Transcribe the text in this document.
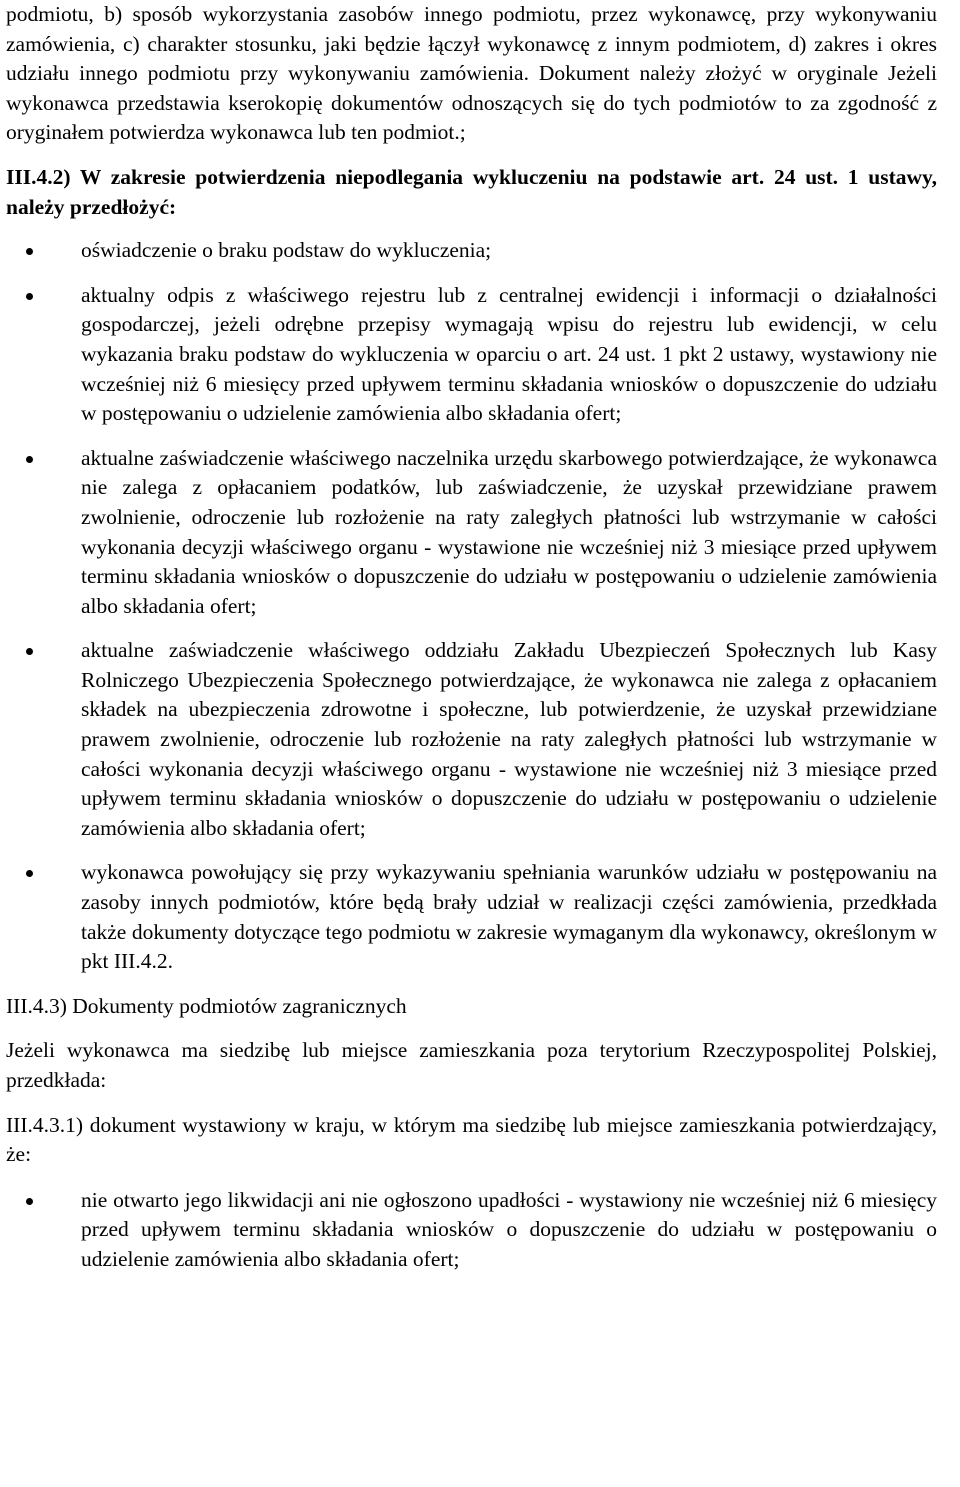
podmiotu, b) sposób wykorzystania zasobów innego podmiotu, przez wykonawcę, przy wykonywaniu zamówienia, c) charakter stosunku, jaki będzie łączył wykonawcę z innym podmiotem, d) zakres i okres udziału innego podmiotu przy wykonywaniu zamówienia. Dokument należy złożyć w oryginale Jeżeli wykonawca przedstawia kserokopię dokumentów odnoszących się do tych podmiotów to za zgodność z oryginałem potwierdza wykonawca lub ten podmiot.;

III.4.2) W zakresie potwierdzenia niepodlegania wykluczeniu na podstawie art. 24 ust. 1 ustawy, należy przedłożyć:

oświadczenie o braku podstaw do wykluczenia;
aktualny odpis z właściwego rejestru lub z centralnej ewidencji i informacji o działalności gospodarczej, jeżeli odrębne przepisy wymagają wpisu do rejestru lub ewidencji, w celu wykazania braku podstaw do wykluczenia w oparciu o art. 24 ust. 1 pkt 2 ustawy, wystawiony nie wcześniej niż 6 miesięcy przed upływem terminu składania wniosków o dopuszczenie do udziału w postępowaniu o udzielenie zamówienia albo składania ofert;
aktualne zaświadczenie właściwego naczelnika urzędu skarbowego potwierdzające, że wykonawca nie zalega z opłacaniem podatków, lub zaświadczenie, że uzyskał przewidziane prawem zwolnienie, odroczenie lub rozłożenie na raty zaległych płatności lub wstrzymanie w całości wykonania decyzji właściwego organu - wystawione nie wcześniej niż 3 miesiące przed upływem terminu składania wniosków o dopuszczenie do udziału w postępowaniu o udzielenie zamówienia albo składania ofert;
aktualne zaświadczenie właściwego oddziału Zakładu Ubezpieczeń Społecznych lub Kasy Rolniczego Ubezpieczenia Społecznego potwierdzające, że wykonawca nie zalega z opłacaniem składek na ubezpieczenia zdrowotne i społeczne, lub potwierdzenie, że uzyskał przewidziane prawem zwolnienie, odroczenie lub rozłożenie na raty zaległych płatności lub wstrzymanie w całości wykonania decyzji właściwego organu - wystawione nie wcześniej niż 3 miesiące przed upływem terminu składania wniosków o dopuszczenie do udziału w postępowaniu o udzielenie zamówienia albo składania ofert;
wykonawca powołujący się przy wykazywaniu spełniania warunków udziału w postępowaniu na zasoby innych podmiotów, które będą brały udział w realizacji części zamówienia, przedkłada także dokumenty dotyczące tego podmiotu w zakresie wymaganym dla wykonawcy, określonym w pkt III.4.2.

III.4.3) Dokumenty podmiotów zagranicznych

Jeżeli wykonawca ma siedzibę lub miejsce zamieszkania poza terytorium Rzeczypospolitej Polskiej, przedkłada:

III.4.3.1) dokument wystawiony w kraju, w którym ma siedzibę lub miejsce zamieszkania potwierdzający, że:

nie otwarto jego likwidacji ani nie ogłoszono upadłości - wystawiony nie wcześniej niż 6 miesięcy przed upływem terminu składania wniosków o dopuszczenie do udziału w postępowaniu o udzielenie zamówienia albo składania ofert;
